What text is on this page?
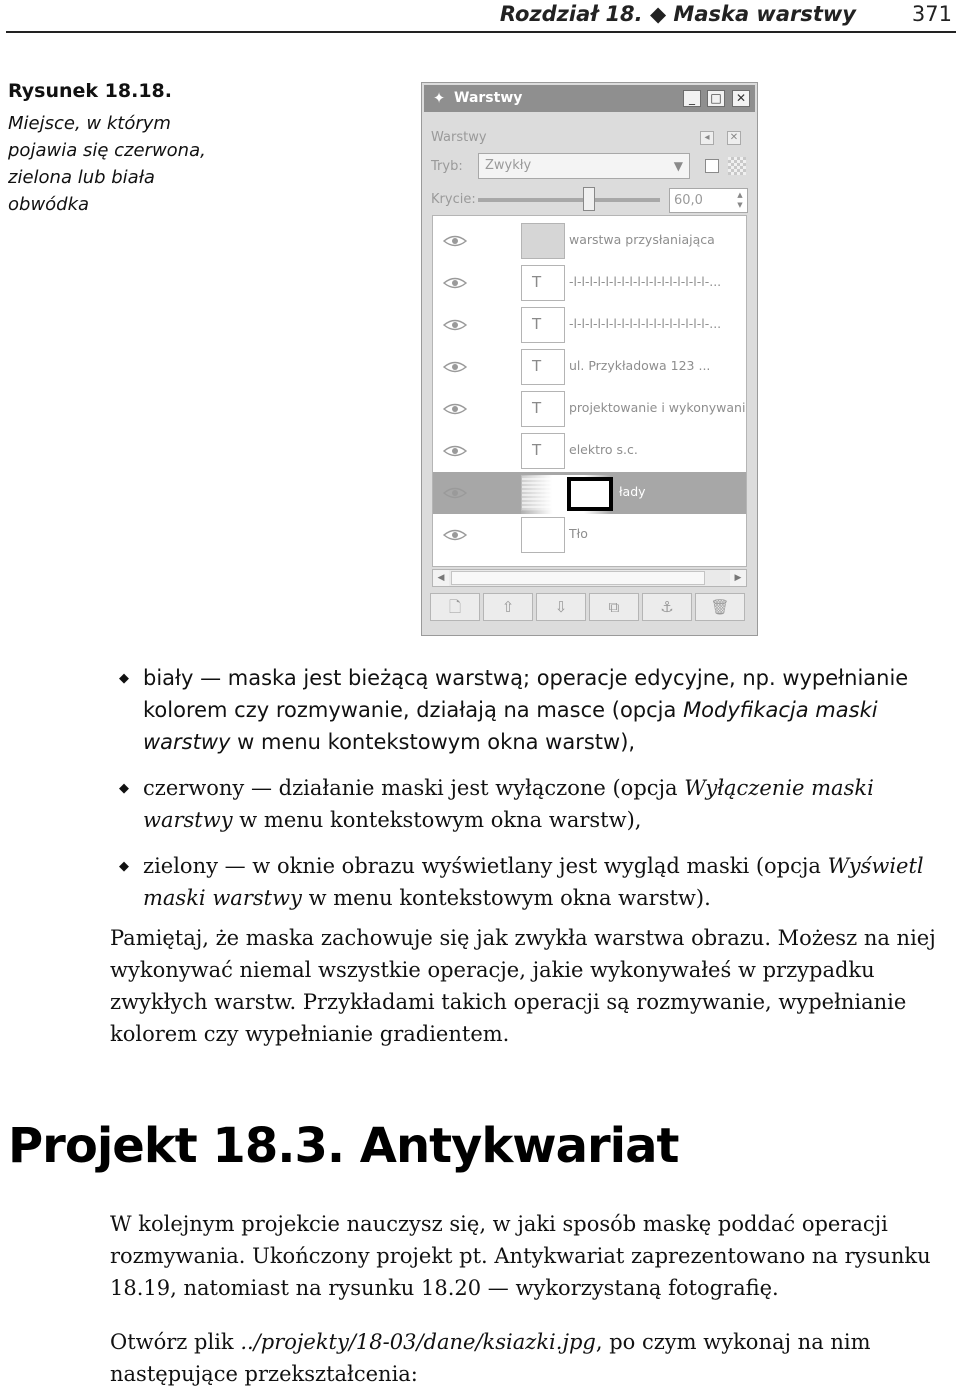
Rozdział 18. ◆ Maska warstwy	371
Rysunek 18.18.
Miejsce, w którym pojawia się czerwona, zielona lub biała obwódka
✦ Warstwy	_	□	✕
Warstwy	◂	✕
Tryb: Zwykły	▼
Krycie:	60,0	▲
▼
warstwa przysłaniająca
T -l-l-l-l-l-l-l-l-l-l-l-l-l-l-l-l-l-...
T -l-l-l-l-l-l-l-l-l-l-l-l-l-l-l-l-l-...
T ul. Przykładowa 123 ...
T projektowanie i wykonywani
T elektro s.c.
łady
Tło
◀	▶
🗋	⇧	⇩	⧉	⚓	🗑
◆ biały — maska jest bieżącą warstwą; operacje edycyjne, np. wypełnianie kolorem czy rozmywanie, działają na masce (opcja Modyfikacja maski warstwy w menu kontekstowym okna warstw),
◆ czerwony — działanie maski jest wyłączone (opcja Wyłączenie maski warstwy w menu kontekstowym okna warstw),
◆ zielony — w oknie obrazu wyświetlany jest wygląd maski (opcja Wyświetl maski warstwy w menu kontekstowym okna warstw).

Pamiętaj, że maska zachowuje się jak zwykła warstwa obrazu. Możesz na niej wykonywać niemal wszystkie operacje, jakie wykonywałeś w przypadku zwykłych warstw. Przykładami takich operacji są rozmywanie, wypełnianie kolorem czy wypełnianie gradientem.

Projekt 18.3. Antykwariat

W kolejnym projekcie nauczysz się, w jaki sposób maskę poddać operacji rozmywania. Ukończony projekt pt. Antykwariat zaprezentowano na rysunku 18.19, natomiast na rysunku 18.20 — wykorzystaną fotografię.

Otwórz plik ../projekty/18-03/dane/ksiazki.jpg, po czym wykonaj na nim następujące przekształcenia:
